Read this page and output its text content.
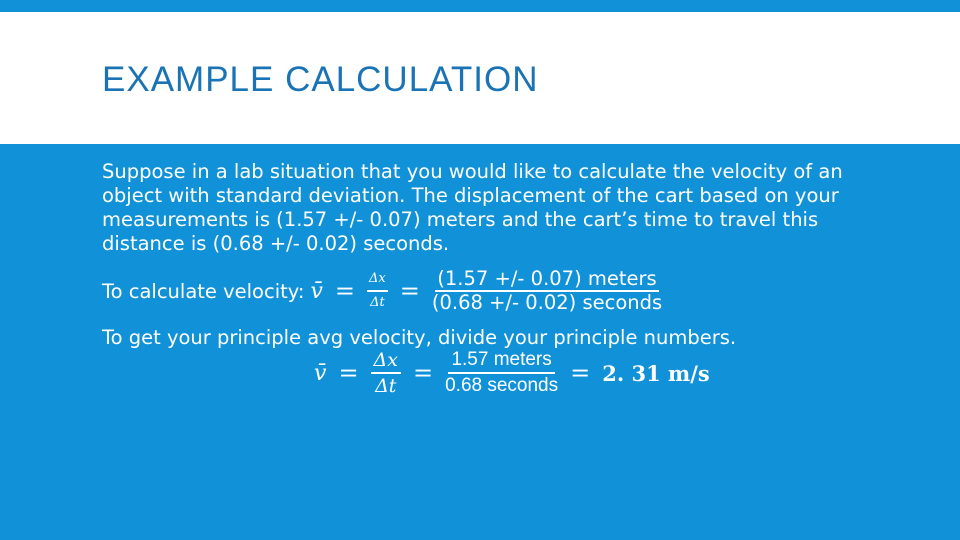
EXAMPLE CALCULATION

Suppose in a lab situation that you would like to calculate the velocity of an object with standard deviation. The displacement of the cart based on your measurements is (1.57 +/- 0.07) meters and the cart’s time to travel this distance is (0.68 +/- 0.02) seconds.

To calculate velocity: v̄ = $\frac{\Delta x}{\Delta t} = \frac{\text{(1.57 +/- 0.07) meters}}{\text{(0.68 +/- 0.02) seconds}}$
To get your principle avg velocity, divide your principle numbers.
v̄ = $\frac{\Delta x}{\Delta t} = \frac{\text{1.57 meters}}{\text{0.68 seconds}} = 2$. 31 m/s
